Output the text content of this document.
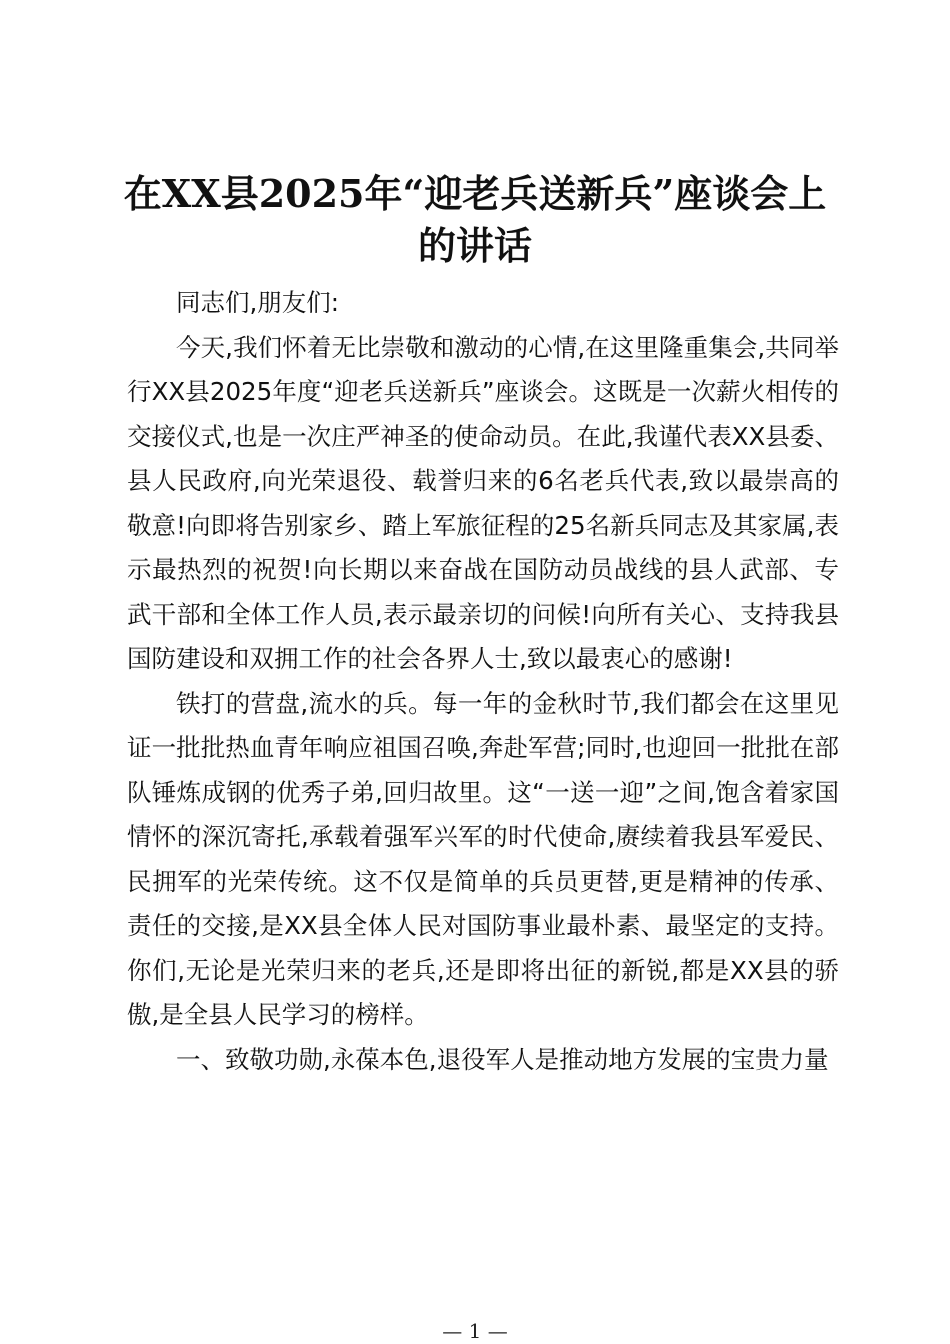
在XX县2025年“迎老兵送新兵”座谈会上的讲话

同志们,朋友们:

今天,我们怀着无比崇敬和激动的心情,在这里隆重集会,共同举行XX县2025年度“迎老兵送新兵”座谈会。这既是一次薪火相传的交接仪式,也是一次庄严神圣的使命动员。在此,我谨代表XX县委、县人民政府,向光荣退役、载誉归来的6名老兵代表,致以最崇高的敬意!向即将告别家乡、踏上军旅征程的25名新兵同志及其家属,表示最热烈的祝贺!向长期以来奋战在国防动员战线的县人武部、专武干部和全体工作人员,表示最亲切的问候!向所有关心、支持我县国防建设和双拥工作的社会各界人士,致以最衷心的感谢!

铁打的营盘,流水的兵。每一年的金秋时节,我们都会在这里见证一批批热血青年响应祖国召唤,奔赴军营;同时,也迎回一批批在部队锤炼成钢的优秀子弟,回归故里。这“一送一迎”之间,饱含着家国情怀的深沉寄托,承载着强军兴军的时代使命,赓续着我县军爱民、民拥军的光荣传统。这不仅是简单的兵员更替,更是精神的传承、责任的交接,是XX县全体人民对国防事业最朴素、最坚定的支持。你们,无论是光荣归来的老兵,还是即将出征的新锐,都是XX县的骄傲,是全县人民学习的榜样。

一、致敬功勋,永葆本色,退役军人是推动地方发展的宝贵力量

— 1 —
